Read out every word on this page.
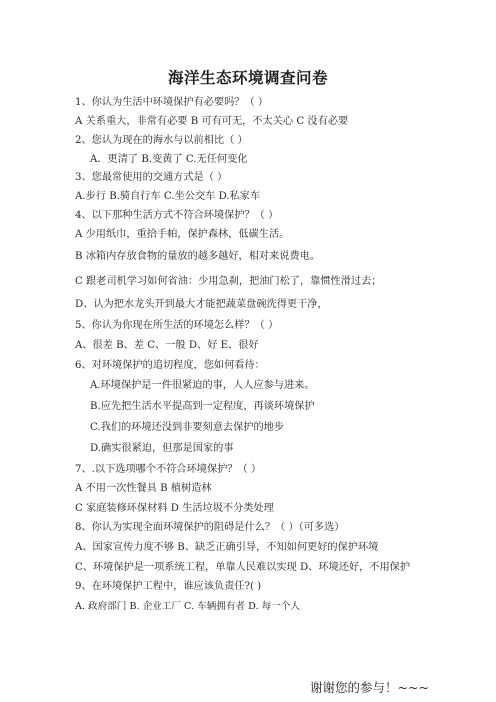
海洋生态环境调查问卷
1、你认为生活中环境保护有必要吗？（ ）
A 关系重大，非常有必要 B 可有可无，不太关心 C 没有必要
2、您认为现在的海水与以前相比（ ）
A．更清了 B.变黄了 C.无任何变化
3、您最常使用的交通方式是（ ）
A.步行 B.骑自行车 C.坐公交车 D.私家车
4、以下那种生活方式不符合环境保护？（ ）
A 少用纸巾，重拾手帕，保护森林，低碳生活。
B 冰箱内存放食物的量放的越多越好，相对来说费电。
C 跟老司机学习如何省油：少用急刹，把油门松了，靠惯性滑过去；
D、认为把水龙头开到最大才能把蔬菜盘碗洗得更干净，
5、你认为你现在所生活的环境怎么样？（ ）
A、很差 B、差 C、一般 D、好 E、很好
6、对环境保护的追切程度，您如何看待：
A.环境保护是一件很紧迫的事，人人应参与进来。
B.应先把生活水平提高到一定程度，再谈环境保护
C.我们的环境还没到非要刻意去保护的地步
D.确实很紧迫，但那是国家的事
7、.以下选项哪个不符合环境保护？（ ）
A 不用一次性餐具 B 植树造林
C 家庭装修环保材料 D 生活垃圾不分类处理
8、你认为实现全面环境保护的阻碍是什么？（ ）（可多选）
A、国家宣传力度不够 B、缺乏正确引导，不知如何更好的保护环境
C、环境保护是一项系统工程，单靠人民难以实现 D、环境还好，不用保护
9、在环境保护工程中，谁应该负责任?( )
A. 政府部门 B. 企业工厂 C. 车辆拥有者 D. 每一个人
谢谢您的参与！~~~
